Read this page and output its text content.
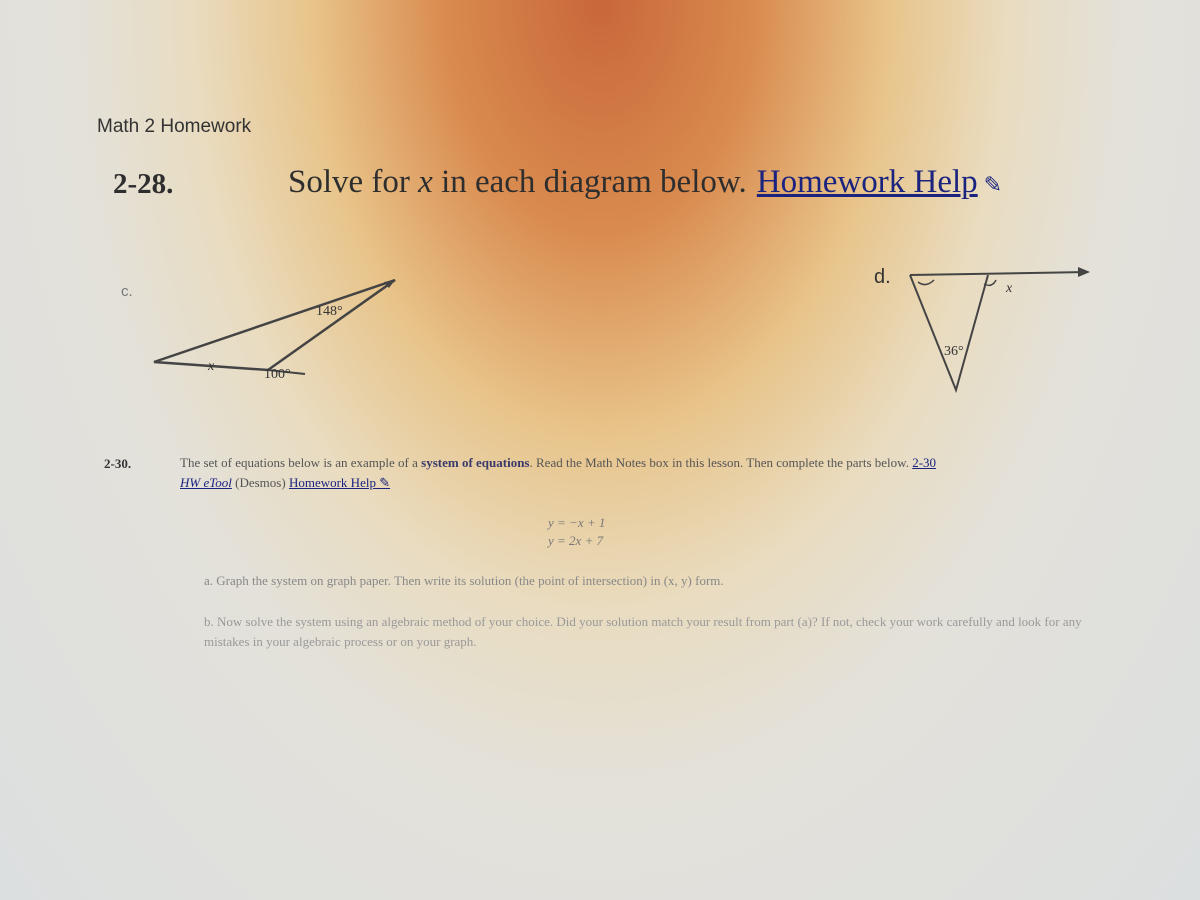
Math 2 Homework
2-28.	Solve for x in each diagram below. Homework Help ✎
c.
148°
100°
x
d.
36°
x
2-30.	The set of equations below is an example of a system of equations. Read the Math Notes box in this lesson. Then complete the parts below. 2-30
HW eTool (Desmos) Homework Help ✎
y = −x + 1
y = 2x + 7
a. Graph the system on graph paper. Then write its solution (the point of intersection) in (x, y) form.
b. Now solve the system using an algebraic method of your choice. Did your solution match your result from part (a)? If not, check your work carefully and look for any mistakes in your algebraic process or on your graph.
